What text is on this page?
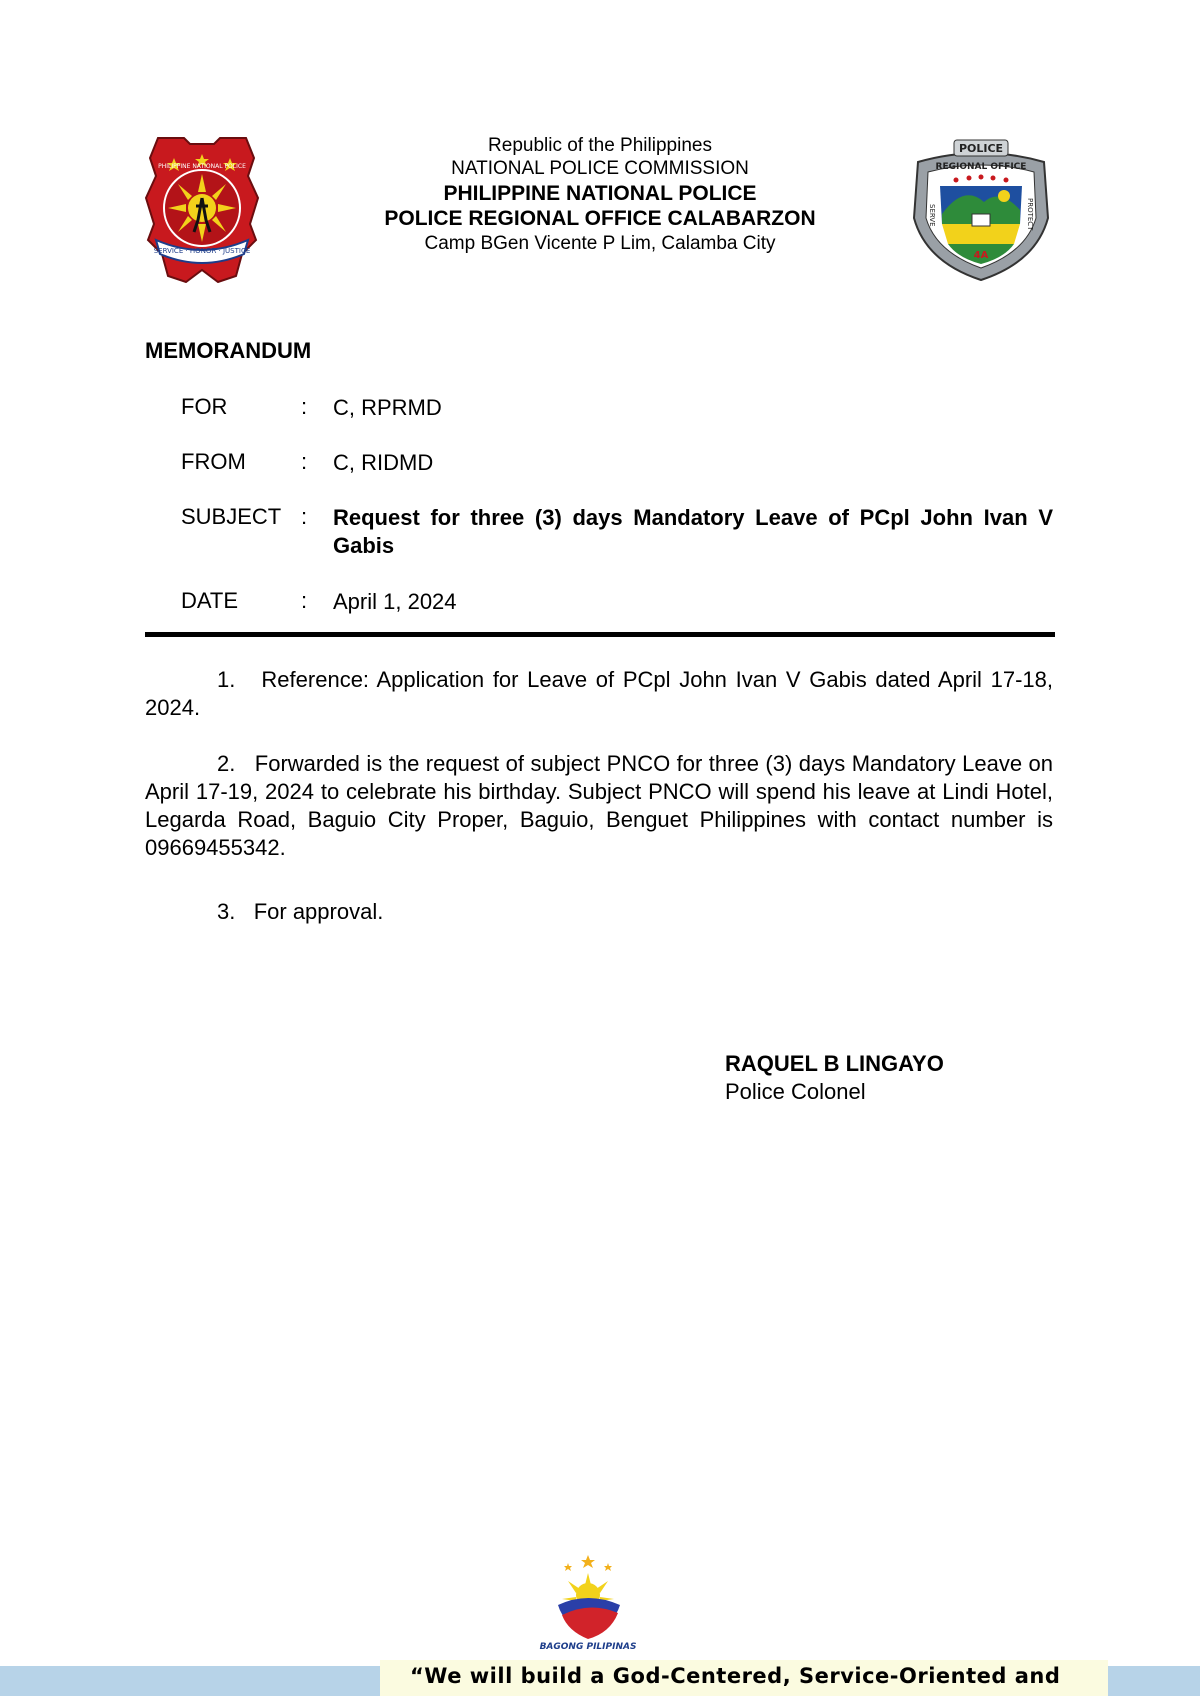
SERVICE · HONOR · JUSTICE
PHILIPPINE NATIONAL POLICE
Republic of the Philippines
NATIONAL POLICE COMMISSION
PHILIPPINE NATIONAL POLICE
POLICE REGIONAL OFFICE CALABARZON
Camp BGen Vicente P Lim, Calamba City
POLICE
REGIONAL OFFICE
4A
SERVE	PROTECT
MEMORANDUM
FOR	: C, RPRMD
FROM	: C, RIDMD
SUBJECT : Request for three (3) days Mandatory Leave of PCpl John Ivan V Gabis
DATE	: April 1, 2024
1. Reference: Application for Leave of PCpl John Ivan V Gabis dated April 17-18, 2024.
2. Forwarded is the request of subject PNCO for three (3) days Mandatory Leave on April 17-19, 2024 to celebrate his birthday. Subject PNCO will spend his leave at Lindi Hotel, Legarda Road, Baguio City Proper, Baguio, Benguet Philippines with contact number is 09669455342.
3. For approval.
RAQUEL B LINGAYO
Police Colonel
BAGONG PILIPINAS
“We will build a God-Centered, Service-Oriented and
